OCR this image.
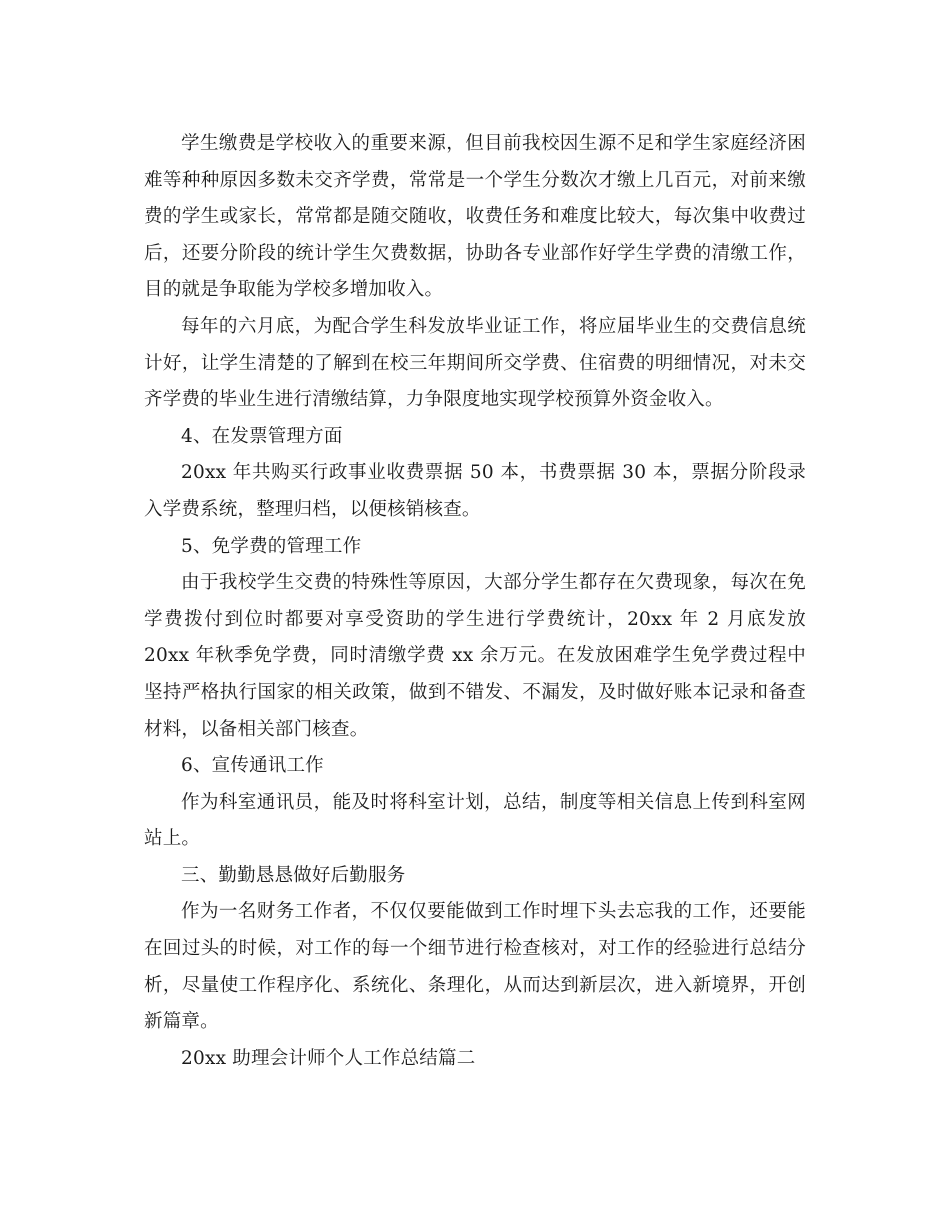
学生缴费是学校收入的重要来源，但目前我校因生源不足和学生家庭经济困难等种种原因多数未交齐学费，常常是一个学生分数次才缴上几百元，对前来缴费的学生或家长，常常都是随交随收，收费任务和难度比较大，每次集中收费过后，还要分阶段的统计学生欠费数据，协助各专业部作好学生学费的清缴工作，目的就是争取能为学校多增加收入。

每年的六月底，为配合学生科发放毕业证工作，将应届毕业生的交费信息统计好，让学生清楚的了解到在校三年期间所交学费、住宿费的明细情况，对未交齐学费的毕业生进行清缴结算，力争限度地实现学校预算外资金收入。

4、在发票管理方面

20xx 年共购买行政事业收费票据 50 本，书费票据 30 本，票据分阶段录入学费系统，整理归档，以便核销核查。

5、免学费的管理工作

由于我校学生交费的特殊性等原因，大部分学生都存在欠费现象，每次在免学费拨付到位时都要对享受资助的学生进行学费统计，20xx 年 2 月底发放 20xx 年秋季免学费，同时清缴学费 xx 余万元。在发放困难学生免学费过程中坚持严格执行国家的相关政策，做到不错发、不漏发，及时做好账本记录和备查材料，以备相关部门核查。

6、宣传通讯工作

作为科室通讯员，能及时将科室计划，总结，制度等相关信息上传到科室网站上。

三、勤勤恳恳做好后勤服务

作为一名财务工作者，不仅仅要能做到工作时埋下头去忘我的工作，还要能在回过头的时候，对工作的每一个细节进行检查核对，对工作的经验进行总结分析，尽量使工作程序化、系统化、条理化，从而达到新层次，进入新境界，开创新篇章。

20xx 助理会计师个人工作总结篇二
